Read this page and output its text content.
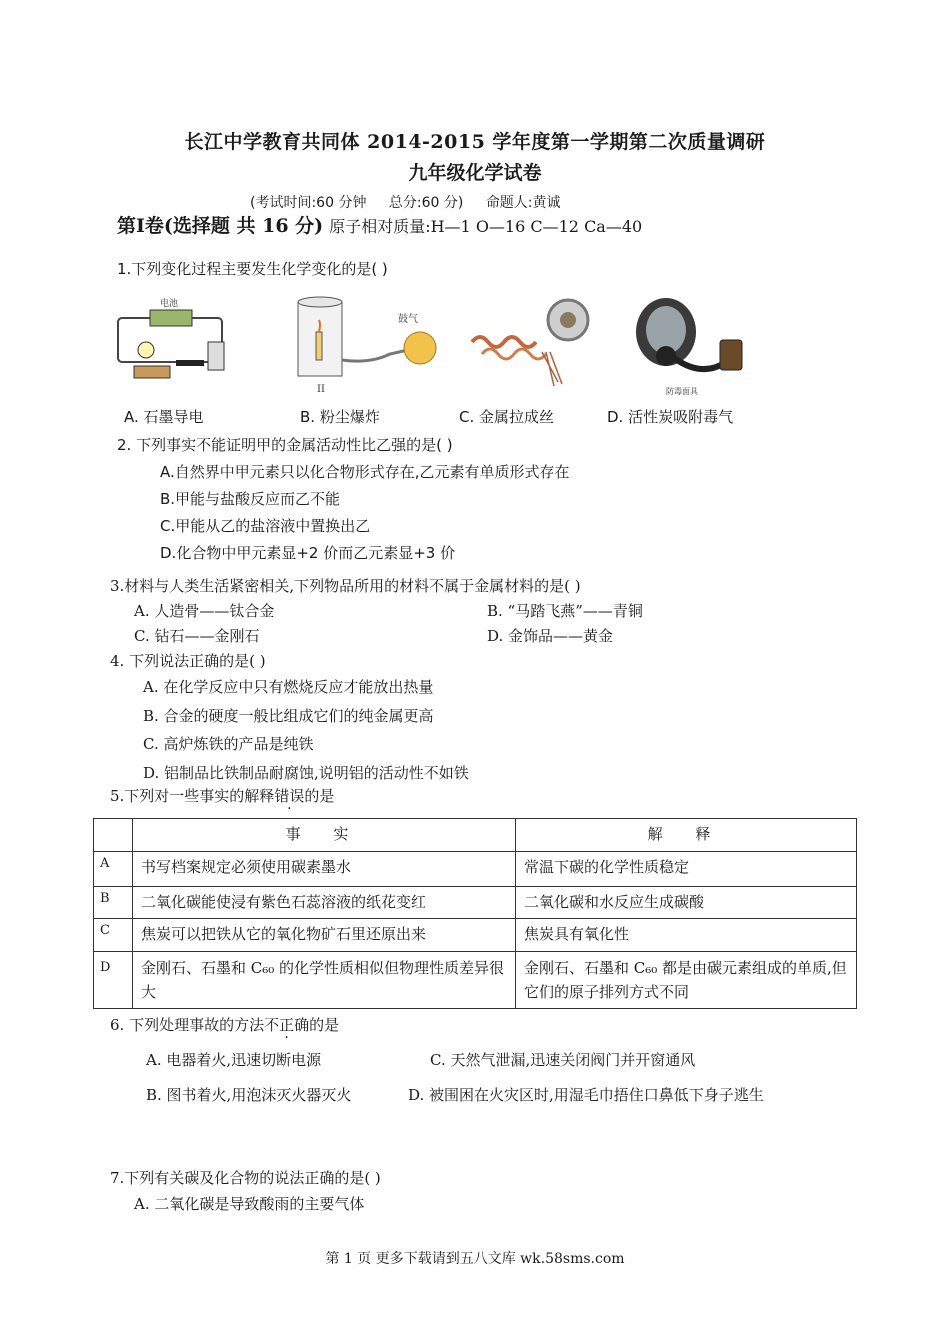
长江中学教育共同体 2014-2015 学年度第一学期第二次质量调研
九年级化学试卷
(考试时间:60 分钟 总分:60 分) 命题人:黄诚
第Ⅰ卷(选择题 共 16 分) 原子相对质量:H—1 O—16 C—12 Ca—40
1.下列变化过程主要发生化学变化的是( )
电池
鼓气
II	防毒面具
A. 石墨导电	B. 粉尘爆炸	C. 金属拉成丝	D. 活性炭吸附毒气
2. 下列事实不能证明甲的金属活动性比乙强的是( )
A.自然界中甲元素只以化合物形式存在,乙元素有单质形式存在
B.甲能与盐酸反应而乙不能
C.甲能从乙的盐溶液中置换出乙
D.化合物中甲元素显+2 价而乙元素显+3 价
3.材料与人类生活紧密相关,下列物品所用的材料不属于金属材料的是( )
A. 人造骨——钛合金	B. “马踏飞燕”——青铜
C. 钻石——金刚石	D. 金饰品——黄金
4. 下列说法正确的是( )
A. 在化学反应中只有燃烧反应才能放出热量
B. 合金的硬度一般比组成它们的纯金属更高
C. 高炉炼铁的产品是纯铁
D. 铝制品比铁制品耐腐蚀,说明铝的活动性不如铁
5.下列对一些事实的解释错误的是
	事 实	解 释
A	书写档案规定必须使用碳素墨水	常温下碳的化学性质稳定
B	二氧化碳能使浸有紫色石蕊溶液的纸花变红	二氧化碳和水反应生成碳酸
C	焦炭可以把铁从它的氧化物矿石里还原出来	焦炭具有氧化性
D	金刚石、石墨和 C₆₀ 的化学性质相似但物理性质差异很大	金刚石、石墨和 C₆₀ 都是由碳元素组成的单质,但它们的原子排列方式不同
6. 下列处理事故的方法不正确的是
A. 电器着火,迅速切断电源	C. 天然气泄漏,迅速关闭阀门并开窗通风
B. 图书着火,用泡沫灭火器灭火	D. 被围困在火灾区时,用湿毛巾捂住口鼻低下身子逃生
7.下列有关碳及化合物的说法正确的是( )
A. 二氧化碳是导致酸雨的主要气体
第 1 页 更多下载请到五八文库 wk.58sms.com
